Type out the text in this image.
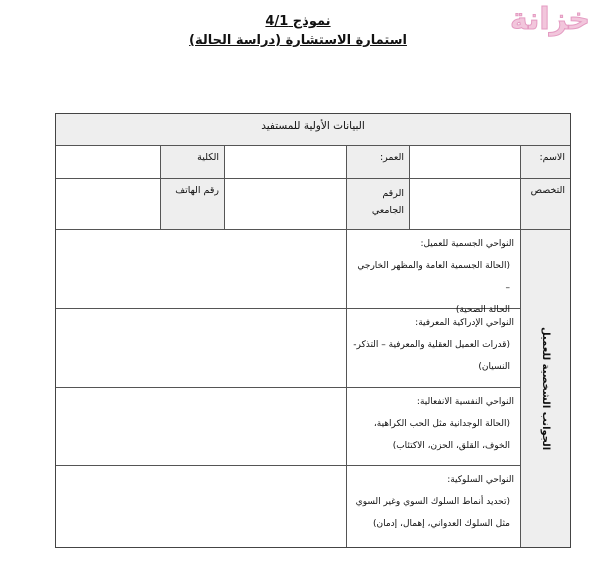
خزانة
نموذج 4/1
استمارة الاستشارة (دراسة الحالة)
البيانات الأولية للمستفيد
الاسم:
العمر:
الكلية
التخصص
الرقم
الجامعي
رقم الهاتف
الجوانب الشخصية للعميل
النواحي الجسمية للعميل:
(الحالة الجسمية العامة والمظهر الخارجي –
الحالة الصحية)
النواحي الإدراكية المعرفية:
(قدرات العميل العقلية والمعرفية – التذكر-
النسيان)
النواحي النفسية الانفعالية:
(الحالة الوجدانية مثل الحب الكراهية،
الخوف، القلق، الحزن، الاكتئاب)
النواحي السلوكية:
(تحديد أنماط السلوك السوي وغير السوي
مثل السلوك العدواني، إهمال، إدمان)
